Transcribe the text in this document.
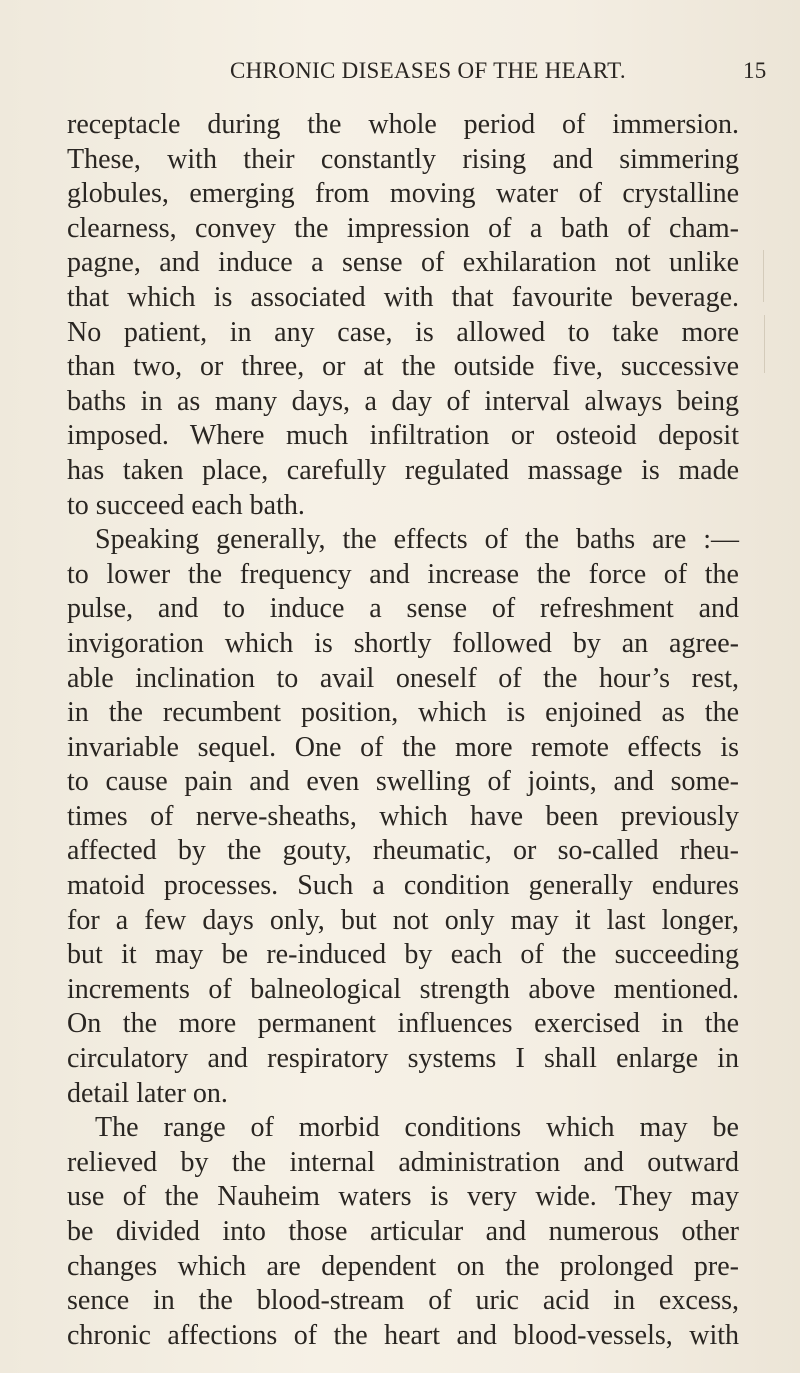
CHRONIC DISEASES OF THE HEART.	15
receptacle during the whole period of immersion.
These, with their constantly rising and simmering
globules, emerging from moving water of crystalline
clearness, convey the impression of a bath of cham-
pagne, and induce a sense of exhilaration not unlike
that which is associated with that favourite beverage.
No patient, in any case, is allowed to take more
than two, or three, or at the outside five, successive
baths in as many days, a day of interval always being
imposed. Where much infiltration or osteoid deposit
has taken place, carefully regulated massage is made
to succeed each bath.
Speaking generally, the effects of the baths are :—
to lower the frequency and increase the force of the
pulse, and to induce a sense of refreshment and
invigoration which is shortly followed by an agree-
able inclination to avail oneself of the hour’s rest,
in the recumbent position, which is enjoined as the
invariable sequel. One of the more remote effects is
to cause pain and even swelling of joints, and some-
times of nerve-sheaths, which have been previously
affected by the gouty, rheumatic, or so-called rheu-
matoid processes. Such a condition generally endures
for a few days only, but not only may it last longer,
but it may be re-induced by each of the succeeding
increments of balneological strength above mentioned.
On the more permanent influences exercised in the
circulatory and respiratory systems I shall enlarge in
detail later on.
The range of morbid conditions which may be
relieved by the internal administration and outward
use of the Nauheim waters is very wide. They may
be divided into those articular and numerous other
changes which are dependent on the prolonged pre-
sence in the blood-stream of uric acid in excess,
chronic affections of the heart and blood-vessels, with
